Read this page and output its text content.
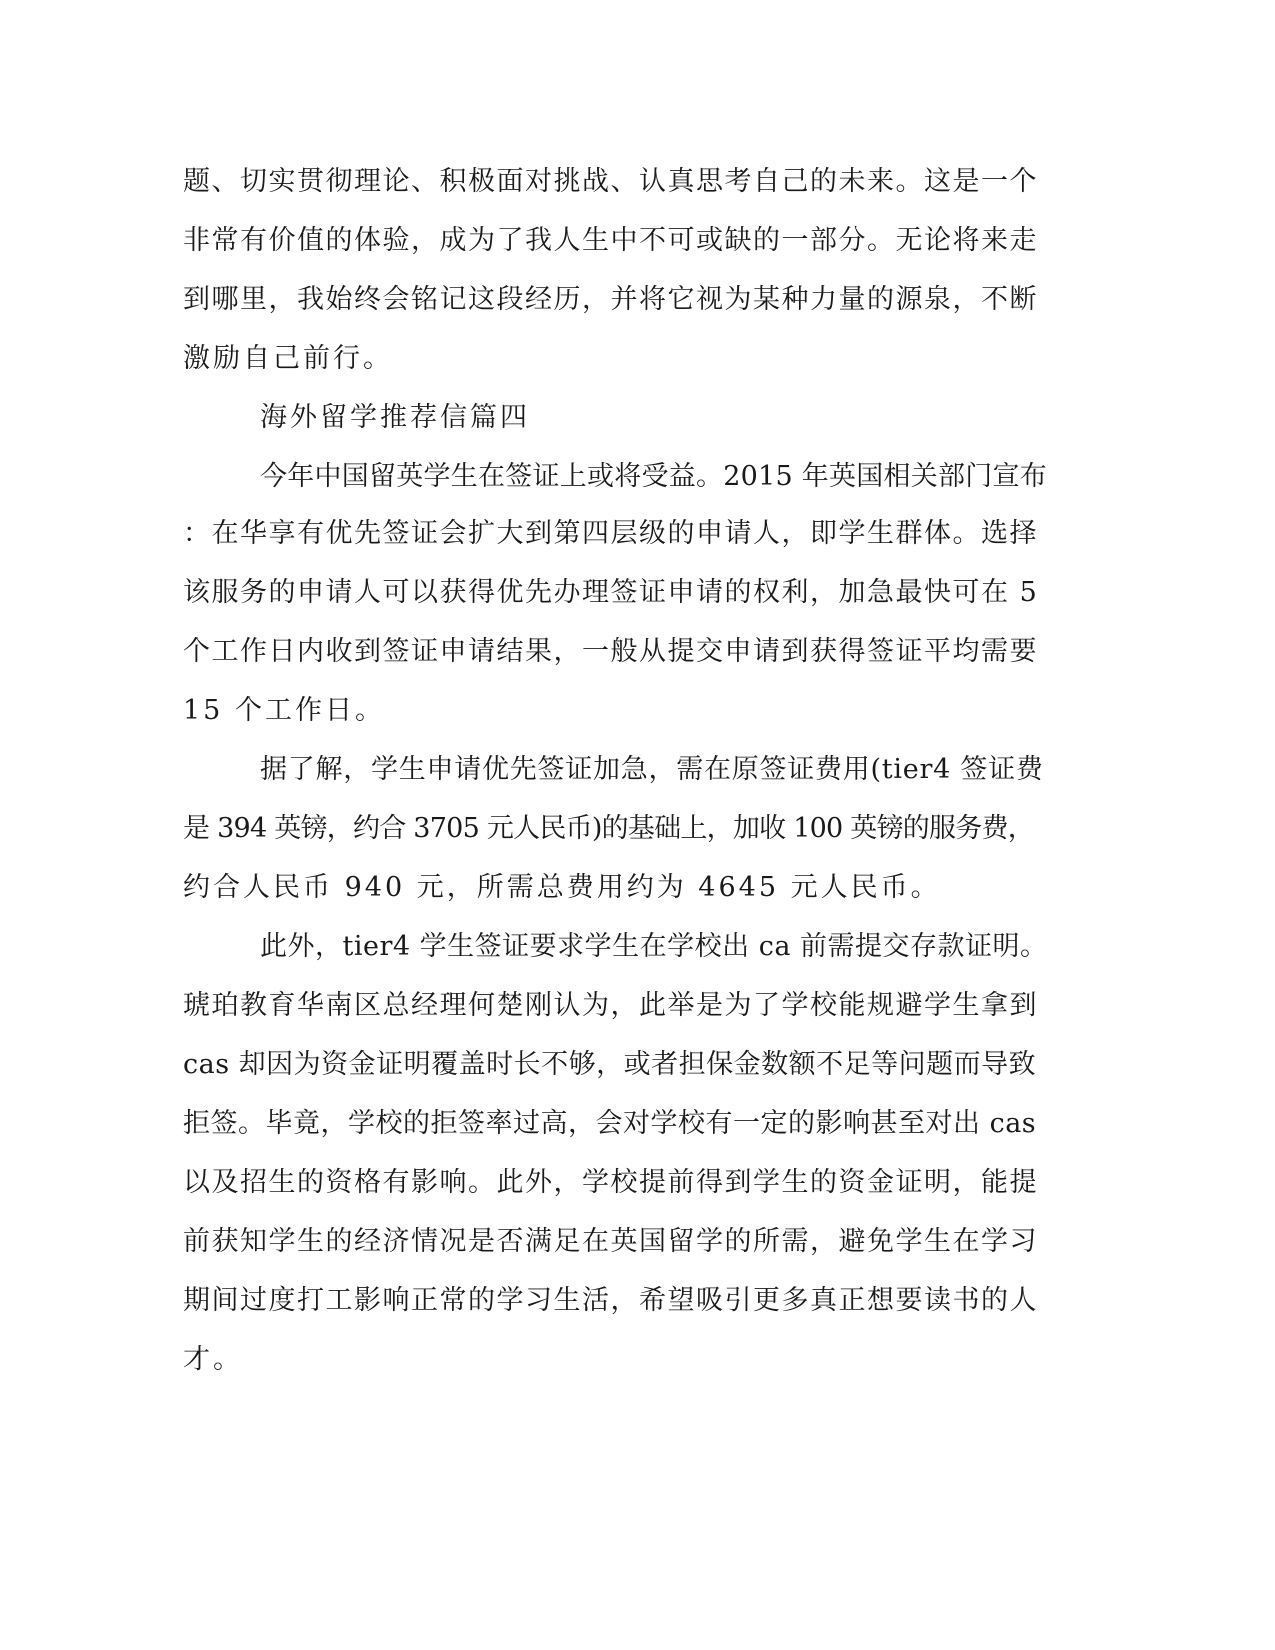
题、切实贯彻理论、积极面对挑战、认真思考自己的未来。这是一个
非常有价值的体验，成为了我人生中不可或缺的一部分。无论将来走
到哪里，我始终会铭记这段经历，并将它视为某种力量的源泉，不断
激励自己前行。
海外留学推荐信篇四
今年中国留英学生在签证上或将受益。2015 年英国相关部门宣布
：在华享有优先签证会扩大到第四层级的申请人，即学生群体。选择
该服务的申请人可以获得优先办理签证申请的权利，加急最快可在 5
个工作日内收到签证申请结果，一般从提交申请到获得签证平均需要
15 个工作日。
据了解，学生申请优先签证加急，需在原签证费用(tier4 签证费
是 394 英镑，约合 3705 元人民币)的基础上，加收 100 英镑的服务费，
约合人民币 940 元，所需总费用约为 4645 元人民币。
此外，tier4 学生签证要求学生在学校出 ca 前需提交存款证明。
琥珀教育华南区总经理何楚刚认为，此举是为了学校能规避学生拿到
cas 却因为资金证明覆盖时长不够，或者担保金数额不足等问题而导致
拒签。毕竟，学校的拒签率过高，会对学校有一定的影响甚至对出 cas
以及招生的资格有影响。此外，学校提前得到学生的资金证明，能提
前获知学生的经济情况是否满足在英国留学的所需，避免学生在学习
期间过度打工影响正常的学习生活，希望吸引更多真正想要读书的人
才。
